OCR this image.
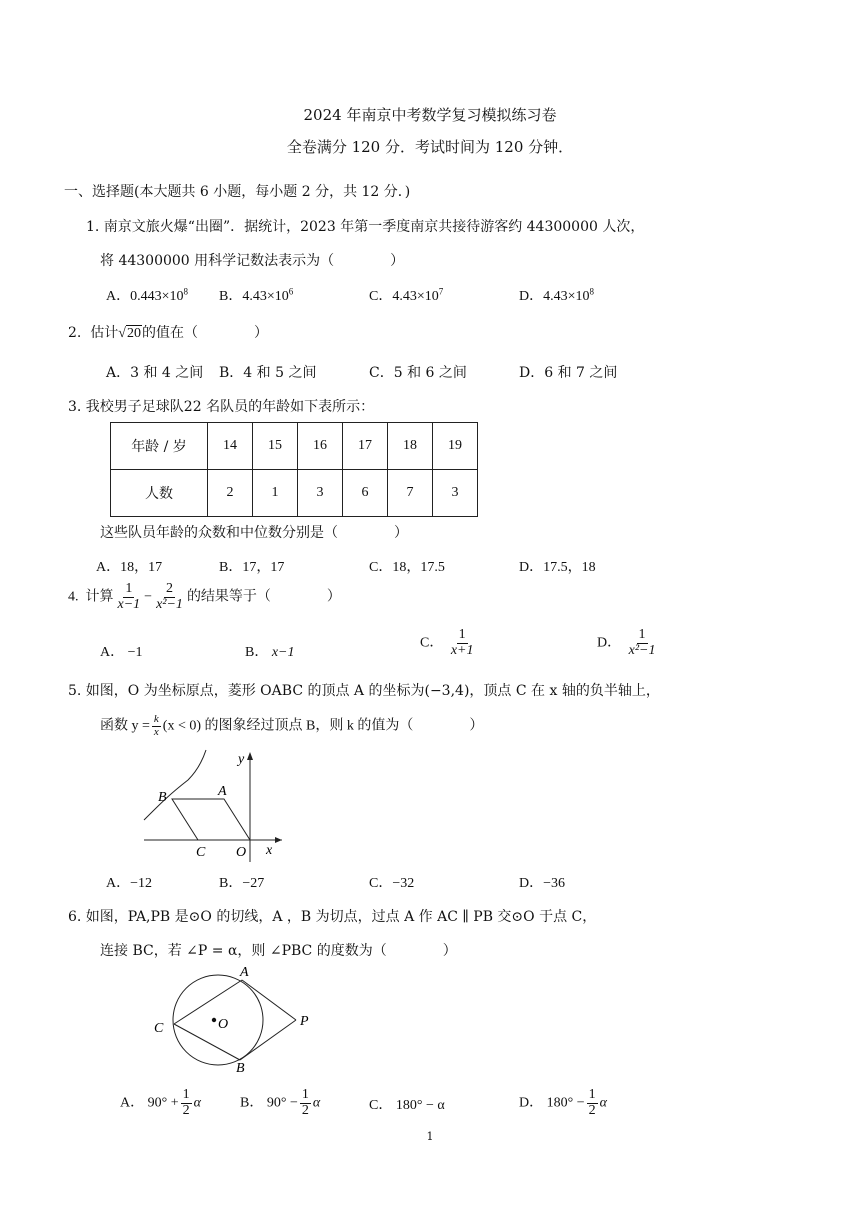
2024 年南京中考数学复习模拟练习卷
全卷满分 120 分．考试时间为 120 分钟．
一、选择题(本大题共 6 小题，每小题 2 分，共 12 分．)
1. 南京文旅火爆“出圈”．据统计，2023 年第一季度南京共接待游客约 44300000 人次，
将 44300000 用科学记数法表示为（　　　　）
A．$0.443\times 10^8$ B．$4.43\times 10^6$	C．$4.43\times 10^7$	D．$4.43\times 10^8$
2. 估计√20的值在（　　　　）
A．3 和 4 之间 B．4 和 5 之间	C．5 和 6 之间	D．6 和 7 之间
3. 我校男子足球队22 名队员的年龄如下表所示：
年龄 / 岁	14	15	16	17	18	19
人数	2	1	3	6	7	3
这些队员年龄的众数和中位数分别是（　　　　）
A．18，17	B．17，17	C．18，17.5	D．17.5，18
4. 计算 $\frac{1}{x-1} - \frac{2}{\text{x²−1}}$ 的结果等于（　　　　）
A． −1	B． x−1
C． $\frac{1}{x+1}$	D． $\frac{1}{\text{x²−1}}$
5. 如图，O 为坐标原点，菱形 OABC 的顶点 A 的坐标为(−3,4)，顶点 C 在 x 轴的负半轴上，
函数 $y = \frac{k}{x} (x < 0)$ 的图象经过顶点 B，则 k 的值为（　　　　）
B	A
C O x
y
A．−12	B．−27	C．−32	D．−36
6. 如图，PA,PB 是⊙O 的切线，A ，B 为切点，过点 A 作 AC ∥ PB 交⊙O 于点 C，
连接 BC，若 ∠P = α，则 ∠PBC 的度数为（　　　　）
A
B
C	O	P
A． $90^\circ + \frac{1}{2}$ α	B． $90^\circ - \frac{1}{2}$ α	C． 180° − α	D． $180^\circ - \frac{1}{2}$ α
1
